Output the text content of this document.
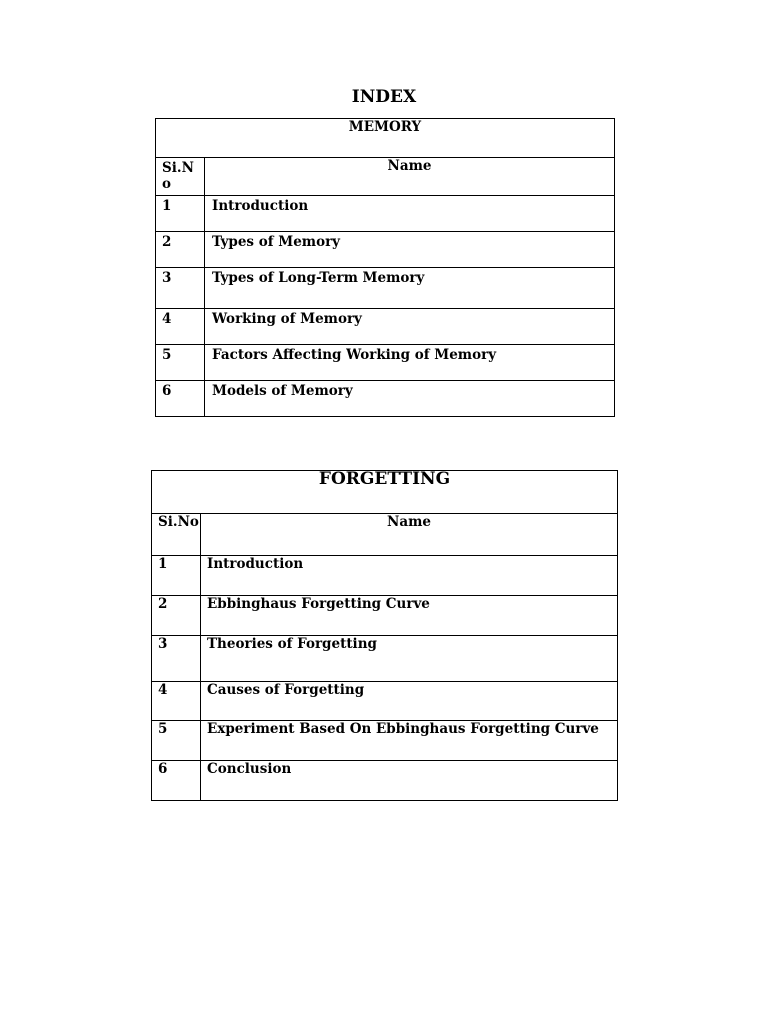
INDEX
MEMORY	

Si.No	Name
1	Introduction
2	Types of Memory
3	Types of Long-Term Memory
4	Working of Memory
5	Factors Affecting Working of Memory
6	Models of Memory
FORGETTING	
Si.No	Name
1	Introduction
2	Ebbinghaus Forgetting Curve
3	Theories of Forgetting
4	Causes of Forgetting
5	Experiment Based On Ebbinghaus Forgetting Curve
6	Conclusion
